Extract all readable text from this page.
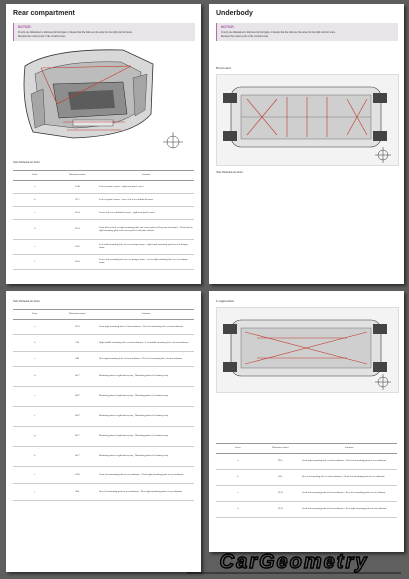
Rear compartment
NOTICE:
If only one dimension is indicated in the figure, it means that the dims are the same for the right and left sides.
Measure the center point of the circular holes.
Side Dimensions Data
Letter	Dimension (mm)	Location
a	1148	Left roof panel corner - right roof panel corner
b	1317	Left roof panel corner - lower left rear windshield corner
c	1514	Lower left rear windshield corner - right roof panel corner
d	2556	Front bolt-on hole of right mounting plate and center point of floor part of channel - Front bolt-on right mounting plate and center point of rail plate channel
e	1103	Left small mounting hole for rear bumper frame - right small mounting point for rear bumper frame
f	1041	Lower left mounting hole for rear bumper frame - lower right mounting hole for rear bumper frame
Underbody
NOTICE:
If only one dimension is indicated in the figure, it means that the dims are the same for the right and left sides.
Measure the center point of the circular holes.
Horizontal
Side Dimensions Data
Side Dimensions Data
Letter	Dimension (mm)	Location
a	1522	Front right mounting hole of front subframe - Rear left mounting hole of front subframe
b	914	Right middle mounting hole of front subframe - Left middle mounting hole of front subframe
c	848	Rear right mounting hole of front subframe - Rear left mounting hole of front subframe
d	1417	Mounting point of right battery tray - Mounting point of left battery tray
e	1497	Mounting point of right battery tray - Mounting point of left battery tray
f	1497	Mounting point of right battery tray - Mounting point of left battery tray
g	1417	Mounting point of right battery tray - Mounting point of left battery tray
h	1417	Mounting point of right battery tray - Mounting point of left battery tray
i	1100	Front left mounting point of rear subframe - Front right mounting point of rear subframe
j	904	Rear left mounting point of rear subframe - Rear right mounting point of rear subframe
Longitudinal
Letter	Dimension (mm)	Location
a	2912	Front right mounting hole of front subframe - Rear left mounting point of rear subframe
b	1811	Rear left mounting hole of front subframe - Front left mounting point of rear subframe
c	3232	Front left mounting point of front subframe - Rear left mounting point of rear subframe
d	3232	Front left mounting point of front subframe - Rear right mounting point of rear subframe
CarGeometry
